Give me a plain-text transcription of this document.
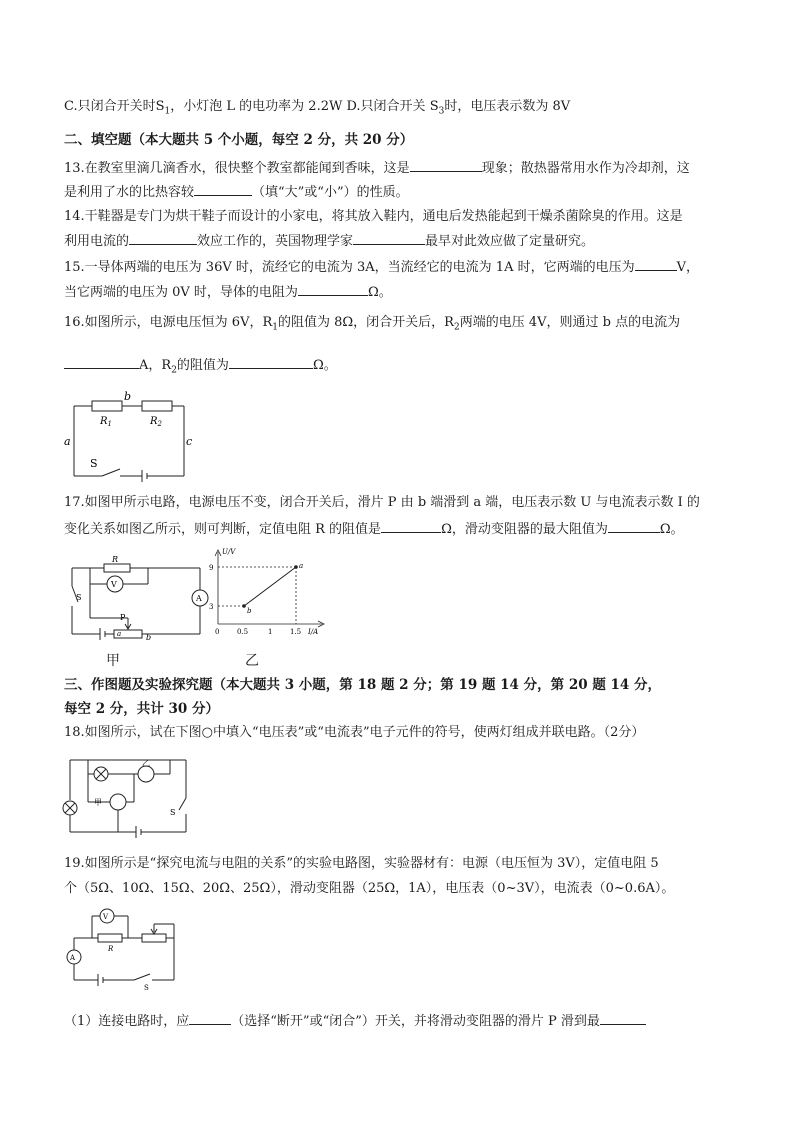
C.只闭合开关时$S_1$，小灯泡 L 的电功率为 2.2W D.只闭合开关 $S_3$时，电压表示数为 8V
二、填空题（本大题共 5 个小题，每空 2 分，共 20 分）
13.在教室里滴几滴香水，很快整个教室都能闻到香味，这是	现象；散热器常用水作为冷却剂，这
是利用了水的比热容较	（填“大”或“小”）的性质。
14.干鞋器是专门为烘干鞋子而设计的小家电，将其放入鞋内，通电后发热能起到干燥杀菌除臭的作用。这是
利用电流的	效应工作的，英国物理学家	最早对此效应做了定量研究。
15.一导体两端的电压为 36V 时，流经它的电流为 3A，当流经它的电流为 1A 时，它两端的电压为	V，
当它两端的电压为 0V 时，导体的电阻为	Ω。
16.如图所示，电源电压恒为 6V，$R_1$的阻值为 8Ω，闭合开关后，$R_2$两端的电压 4V，则通过 b 点的电流为
A，$R_2$的阻值为	Ω。
b
$R_1$	$R_2$
a	c
S
17.如图甲所示电路，电源电压不变，闭合开关后，滑片 P 由 b 端滑到 a 端，电压表示数 U 与电流表示数 I 的
变化关系如图乙所示，则可判断，定值电阻 R 的阻值是	Ω，滑动变阻器的最大阻值为	Ω。
R
V
A
S
P
a	b
U/V
9
3
0	0.5	1	1.5 I/A
a
b
甲	乙
三、作图题及实验探究题（本大题共 3 小题，第 18 题 2 分；第 19 题 14 分，第 20 题 14 分，
每空 2 分，共计 30 分）
18.如图所示，试在下图○中填入“电压表”或“电流表”电子元件的符号，使两灯组成并联电路。（2分）
乙
甲
S
19.如图所示是“探究电流与电阻的关系”的实验电路图，实验器材有：电源（电压恒为 3V），定值电阻 5
个（5Ω、10Ω、15Ω、20Ω、25Ω），滑动变阻器（25Ω，1A），电压表（0~3V），电流表（0~0.6A）。
V
A
R
S
（1）连接电路时，应	（选择“断开”或“闭合”）开关，并将滑动变阻器的滑片 P 滑到最
